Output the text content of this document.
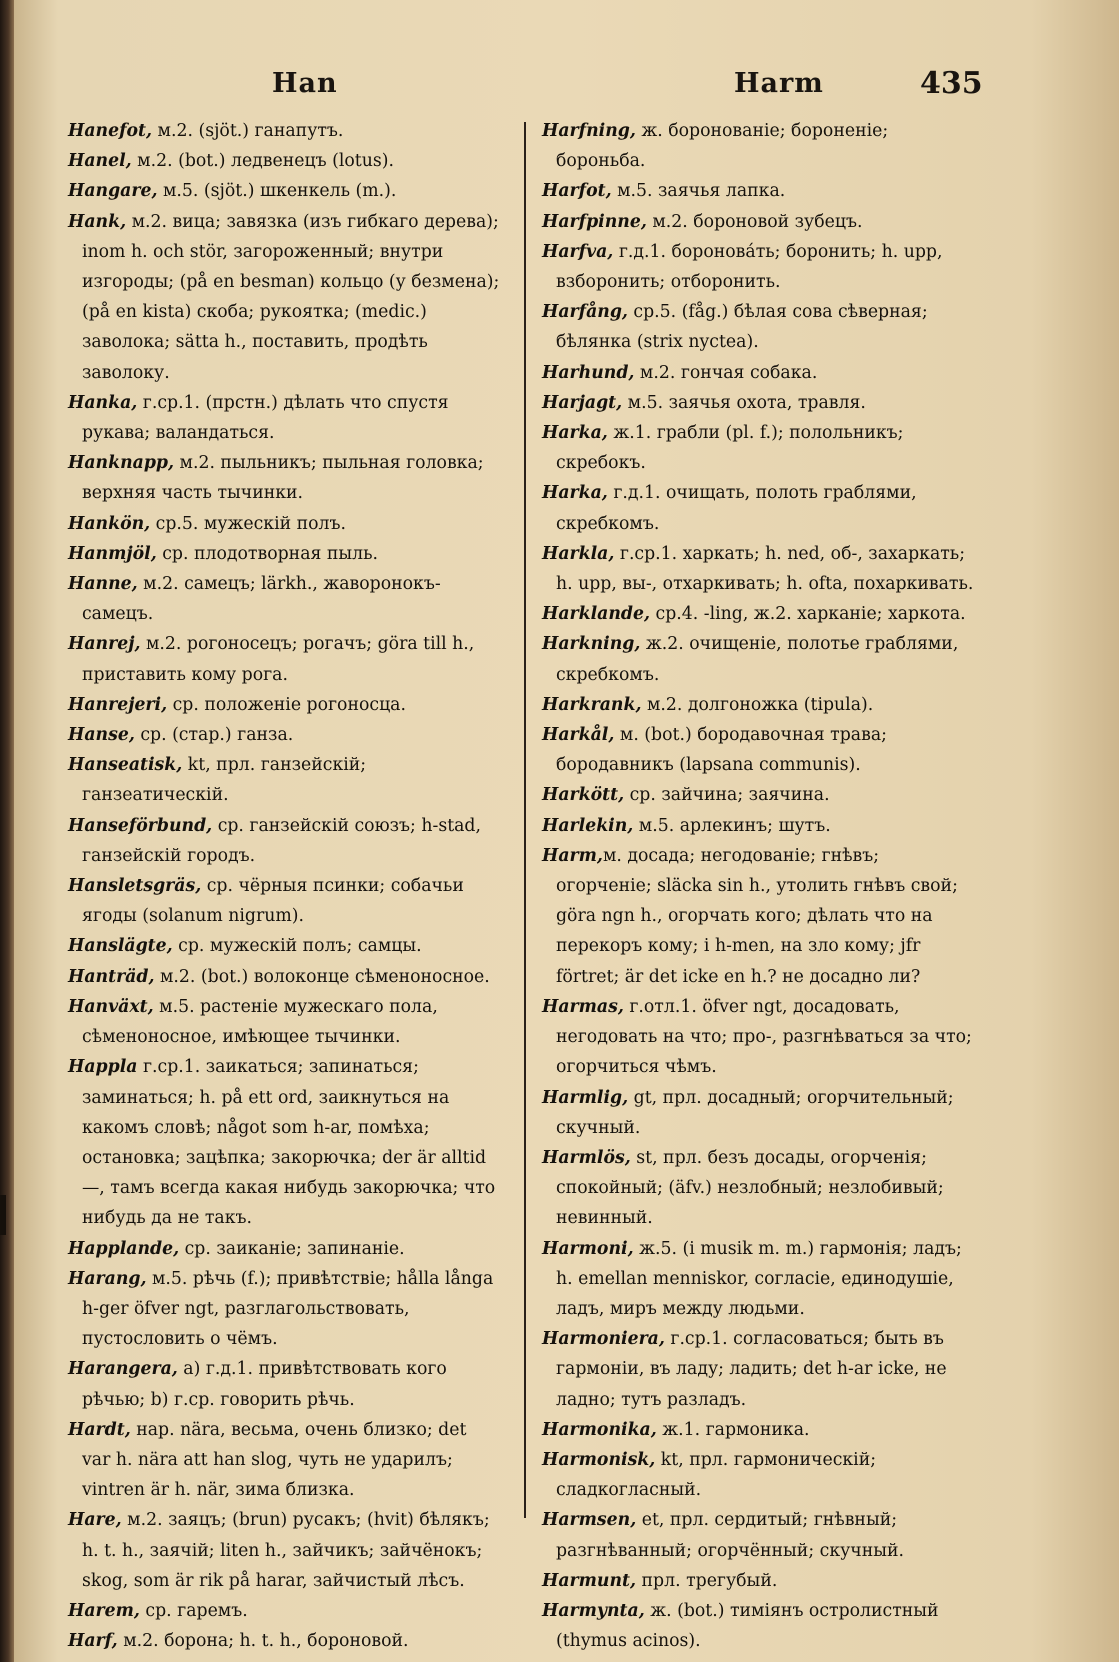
Han	Harm	435

Hanefot, м.2. (sjöt.) ганапутъ.

Hanel, м.2. (bot.) ледвенецъ (lotus).

Hangare, м.5. (sjöt.) шкенкель (m.).

Hank, м.2. вица; завязка (изъ гибкаго дерева); inom h. och stör, загороженный; внутри изгороды; (på en besman) кольцо (у безмена); (på en kista) скоба; рукоятка; (medic.) заволока; sätta h., поставить, продѣть заволоку.

Hanka, г.ср.1. (прстн.) дѣлать что спустя рукава; валандаться.

Hanknapp, м.2. пыльникъ; пыльная головка; верхняя часть тычинки.

Hankön, ср.5. мужескій полъ.

Hanmjöl, ср. плодотворная пыль.

Hanne, м.2. самецъ; lärkh., жаворонокъ-самецъ.

Hanrej, м.2. рогоносецъ; рогачъ; göra till h., приставить кому рога.

Hanrejeri, ср. положеніе рогоносца.

Hanse, ср. (стар.) ганза.

Hanseatisk, kt, прл. ганзейскій; ганзеатическій.

Hanseförbund, ср. ганзейскій союзъ; h-stad, ганзейскій городъ.

Hansletsgräs, ср. чёрныя псинки; собачьи ягоды (solanum nigrum).

Hanslägte, ср. мужескій полъ; самцы.

Hanträd, м.2. (bot.) волоконце сѣменоносное.

Hanväxt, м.5. растеніе мужескаго пола, сѣменоносное, имѣющее тычинки.

Happla г.ср.1. заикаться; запинаться; заминаться; h. på ett ord, заикнуться на какомъ словѣ; något som h-ar, помѣха; остановка; зацѣпка; закорючка; der är alltid —, тамъ всегда какая нибудь закорючка; что нибудь да не такъ.

Happlande, ср. заиканіе; запинаніе.

Harang, м.5. рѣчь (f.); привѣтствіе; hålla långa h-ger öfver ngt, разглагольствовать, пустословить о чёмъ.

Harangera, a) г.д.1. привѣтствовать кого рѣчью; b) г.ср. говорить рѣчь.

Hardt, нар. nära, весьма, очень близко; det var h. nära att han slog, чуть не ударилъ; vintren är h. när, зима близка.

Hare, м.2. заяцъ; (brun) русакъ; (hvit) бѣлякъ; h. t. h., заячій; liten h., зайчикъ; зайчёнокъ; skog, som är rik på harar, зайчистый лѣсъ.

Harem, ср. гаремъ.

Harf, м.2. борона; h. t. h., бороновой.

Harfning, ж. боронованіе; бороненіе; бороньба.

Harfot, м.5. заячья лапка.

Harfpinne, м.2. бороновой зубецъ.

Harfva, г.д.1. боронова́ть; боронить; h. upp, взборонить; отборонить.

Harfång, ср.5. (fåg.) бѣлая сова сѣверная; бѣлянка (strix nyctea).

Harhund, м.2. гончая собака.

Harjagt, м.5. заячья охота, травля.

Harka, ж.1. грабли (pl. f.); полольникъ; скребокъ.

Harka, г.д.1. очищать, полоть граблями, скребкомъ.

Harkla, г.ср.1. харкать; h. ned, об-, захаркать; h. upp, вы-, отхаркивать; h. ofta, похаркивать.

Harklande, ср.4. -ling, ж.2. харканіе; харкота.

Harkning, ж.2. очищеніе, полотье граблями, скребкомъ.

Harkrank, м.2. долгоножка (tipula).

Harkål, м. (bot.) бородавочная трава; бородавникъ (lapsana communis).

Harkött, ср. зайчина; заячина.

Harlekin, м.5. арлекинъ; шутъ.

Harm,м. досада; негодованіе; гнѣвъ; огорченіе; släcka sin h., утолить гнѣвъ свой; göra ngn h., огорчать кого; дѣлать что на перекоръ кому; i h-men, на зло кому; jfr förtret; är det icke en h.? не досадно ли?

Harmas, г.отл.1. öfver ngt, досадовать, негодовать на что; про-, разгнѣваться за что; огорчиться чѣмъ.

Harmlig, gt, прл. досадный; огорчительный; скучный.

Harmlös, st, прл. безъ досады, огорченія; спокойный; (äfv.) незлобный; незлобивый; невинный.

Harmoni, ж.5. (i musik m. m.) гармонія; ладъ; h. emellan menniskor, согласіе, единодушіе, ладъ, миръ между людьми.

Harmoniera, г.ср.1. согласоваться; быть въ гармоніи, въ ладу; ладить; det h-ar icke, не ладно; тутъ разладъ.

Harmonika, ж.1. гармоника.

Harmonisk, kt, прл. гармоническій; сладкогласный.

Harmsen, et, прл. сердитый; гнѣвный; разгнѣванный; огорчённый; скучный.

Harmunt, прл. трегубый.

Harmynta, ж. (bot.) тиміянъ остролистный (thymus acinos).
